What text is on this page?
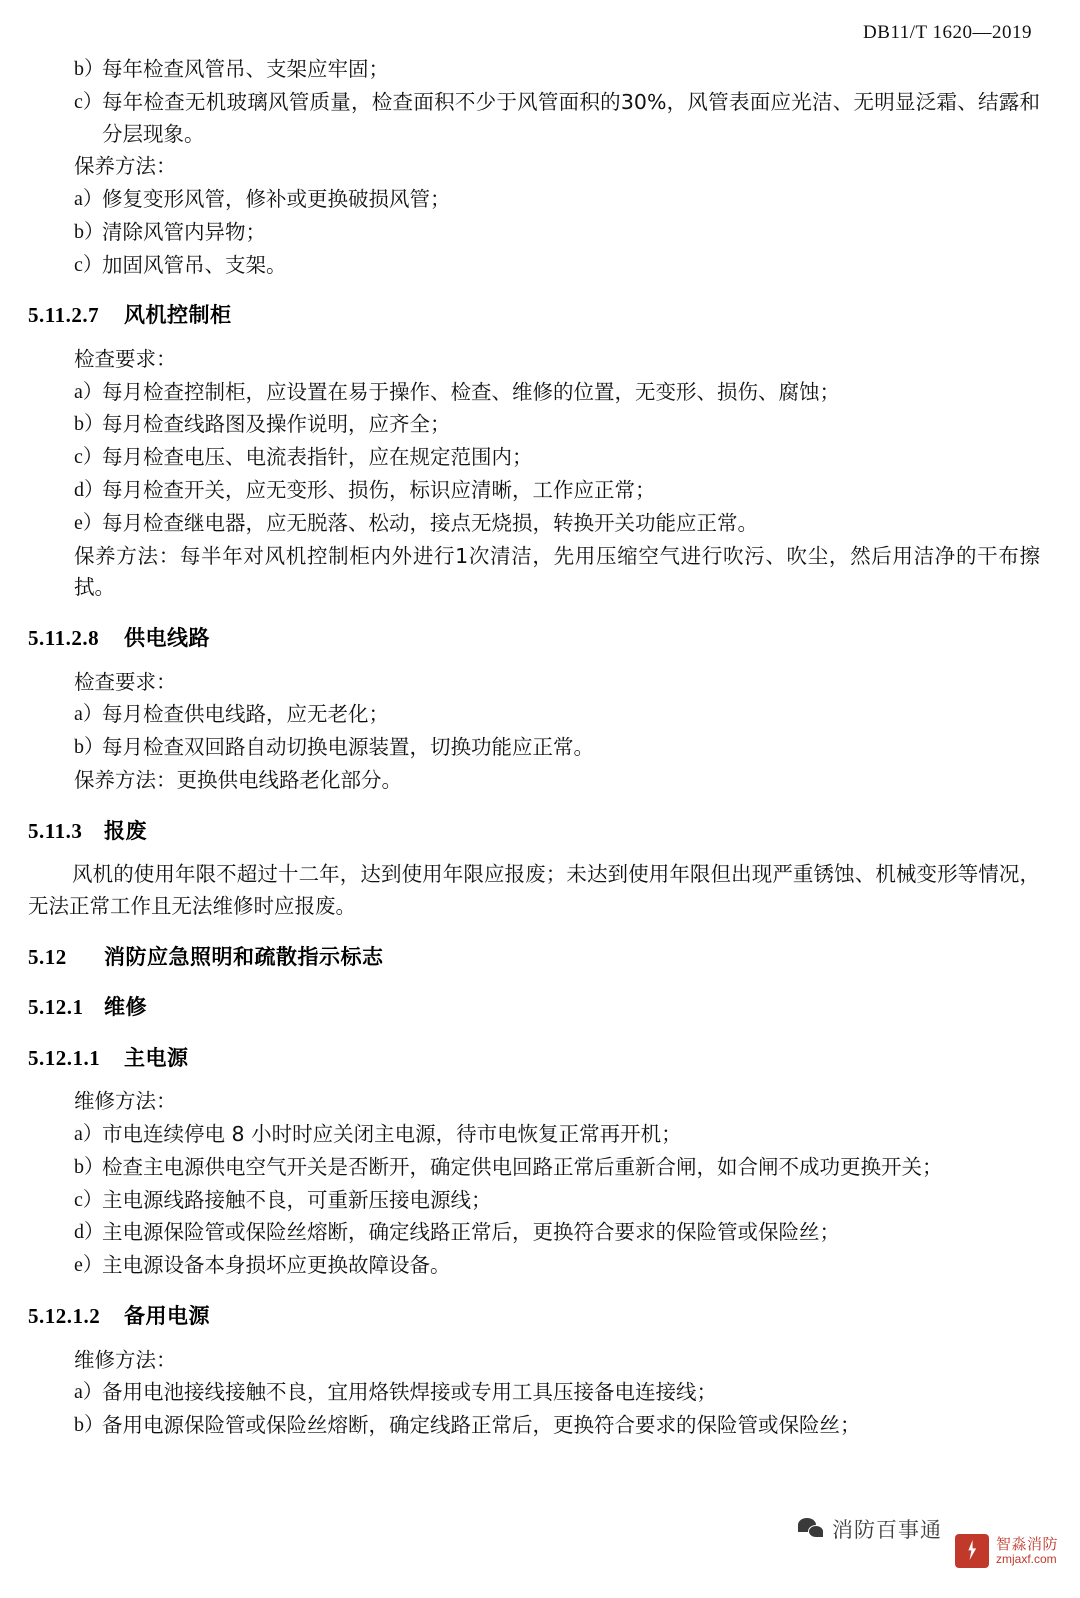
DB11/T 1620—2019
b）
每年检查风管吊、支架应牢固；
c） 每年检查无机玻璃风管质量，检查面积不少于风管面积的30%，风管表面应光洁、无明显泛霜、结露和分层现象。
保养方法：
a） 修复变形风管，修补或更换破损风管；
b）
清除风管内异物；
c） 加固风管吊、支架。
5.11.2.7 风机控制柜
检查要求：
a） 每月检查控制柜，应设置在易于操作、检查、维修的位置，无变形、损伤、腐蚀；
b）
每月检查线路图及操作说明，应齐全；
c） 每月检查电压、电流表指针，应在规定范围内；
d）
每月检查开关，应无变形、损伤，标识应清晰，工作应正常；
e） 每月检查继电器，应无脱落、松动，接点无烧损，转换开关功能应正常。
保养方法：每半年对风机控制柜内外进行1次清洁，先用压缩空气进行吹污、吹尘，然后用洁净的干布擦拭。
5.11.2.8 供电线路
检查要求：
a） 每月检查供电线路，应无老化；
b）
每月检查双回路自动切换电源装置，切换功能应正常。
保养方法：更换供电线路老化部分。
5.11.3 报废
风机的使用年限不超过十二年，达到使用年限应报废；未达到使用年限但出现严重锈蚀、机械变形等情况，无法正常工作且无法维修时应报废。
5.12 消防应急照明和疏散指示标志
5.12.1 维修
5.12.1.1 主电源
维修方法：
a） 市电连续停电 8 小时时应关闭主电源，待市电恢复正常再开机；
b）
检查主电源供电空气开关是否断开，确定供电回路正常后重新合闸，如合闸不成功更换开关；
c） 主电源线路接触不良，可重新压接电源线；
d）
主电源保险管或保险丝熔断，确定线路正常后，更换符合要求的保险管或保险丝；
e） 主电源设备本身损坏应更换故障设备。
5.12.1.2 备用电源
维修方法：
a） 备用电池接线接触不良，宜用烙铁焊接或专用工具压接备电连接线；
b）
备用电源保险管或保险丝熔断，确定线路正常后，更换符合要求的保险管或保险丝；
消防百事通
智淼消防
zmjaxf.com
